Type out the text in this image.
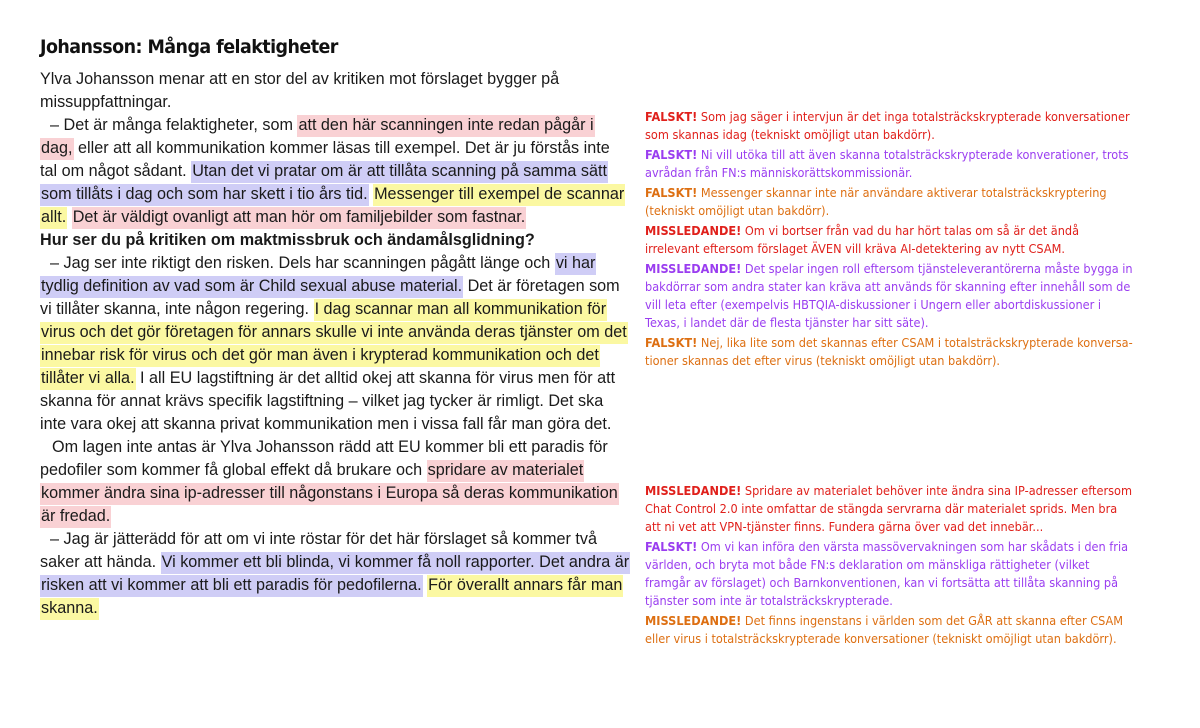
Johansson: Många felaktigheter

Ylva Johansson menar att en stor del av kritiken mot förslaget bygger på missuppfattningar.

– Det är många felaktigheter, som att den här scanningen inte redan pågår i dag, eller att all kommunikation kommer läsas till exempel. Det är ju förstås inte tal om något sådant. Utan det vi pratar om är att tillåta scanning på samma sätt som tillåts i dag och som har skett i tio års tid. Messenger till exempel de scannar allt. Det är väldigt ovanligt att man hör om familjebilder som fastnar.

Hur ser du på kritiken om maktmissbruk och ändamålsglidning?

– Jag ser inte riktigt den risken. Dels har scanningen pågått länge och vi har tydlig definition av vad som är Child sexual abuse material. Det är företagen som vi tillåter skanna, inte någon regering. I dag scannar man all kommunikation för virus och det gör företagen för annars skulle vi inte använda deras tjänster om det innebar risk för virus och det gör man även i krypterad kommunikation och det tillåter vi alla. I all EU lagstiftning är det alltid okej att skanna för virus men för att skanna för annat krävs specifik lagstiftning – vilket jag tycker är rimligt. Det ska inte vara okej att skanna privat kommunikation men i vissa fall får man göra det.

Om lagen inte antas är Ylva Johansson rädd att EU kommer bli ett paradis för pedofiler som kommer få global effekt då brukare och spridare av materialet kommer ändra sina ip-adresser till någonstans i Europa så deras kommunikation är fredad.

– Jag är jätterädd för att om vi inte röstar för det här förslaget så kommer två saker att hända. Vi kommer ett bli blinda, vi kommer få noll rapporter. Det andra är risken att vi kommer att bli ett paradis för pedofilerna. För överallt annars får man skanna.

FALSKT! Som jag säger i intervjun är det inga totalsträckskrypterade konversationer som skannas idag (tekniskt omöjligt utan bakdörr).

FALSKT! Ni vill utöka till att även skanna totalsträckskrypterade konverationer, trots avrådan från FN:s människorättskommissionär.

FALSKT! Messenger skannar inte när användare aktiverar totalsträckskryptering (tekniskt omöjligt utan bakdörr).

MISSLEDANDE! Om vi bortser från vad du har hört talas om så är det ändå irrelevant eftersom förslaget ÄVEN vill kräva AI-detektering av nytt CSAM.

MISSLEDANDE! Det spelar ingen roll eftersom tjänsteleverantörerna måste bygga in bakdörrar som andra stater kan kräva att används för skanning efter innehåll som de vill leta efter (exempelvis HBTQIA-diskussioner i Ungern eller abortdiskussioner i Texas, i landet där de flesta tjänster har sitt säte).

FALSKT! Nej, lika lite som det skannas efter CSAM i totalsträckskrypterade konversa-tioner skannas det efter virus (tekniskt omöjligt utan bakdörr).

MISSLEDANDE! Spridare av materialet behöver inte ändra sina IP-adresser eftersom Chat Control 2.0 inte omfattar de stängda servrarna där materialet sprids. Men bra att ni vet att VPN-tjänster finns. Fundera gärna över vad det innebär...

FALSKT! Om vi kan införa den värsta massövervakningen som har skådats i den fria världen, och bryta mot både FN:s deklaration om mänskliga rättigheter (vilket framgår av förslaget) och Barnkonventionen, kan vi fortsätta att tillåta skanning på tjänster som inte är totalsträckskrypterade.

MISSLEDANDE! Det finns ingenstans i världen som det GÅR att skanna efter CSAM eller virus i totalsträckskrypterade konversationer (tekniskt omöjligt utan bakdörr).
